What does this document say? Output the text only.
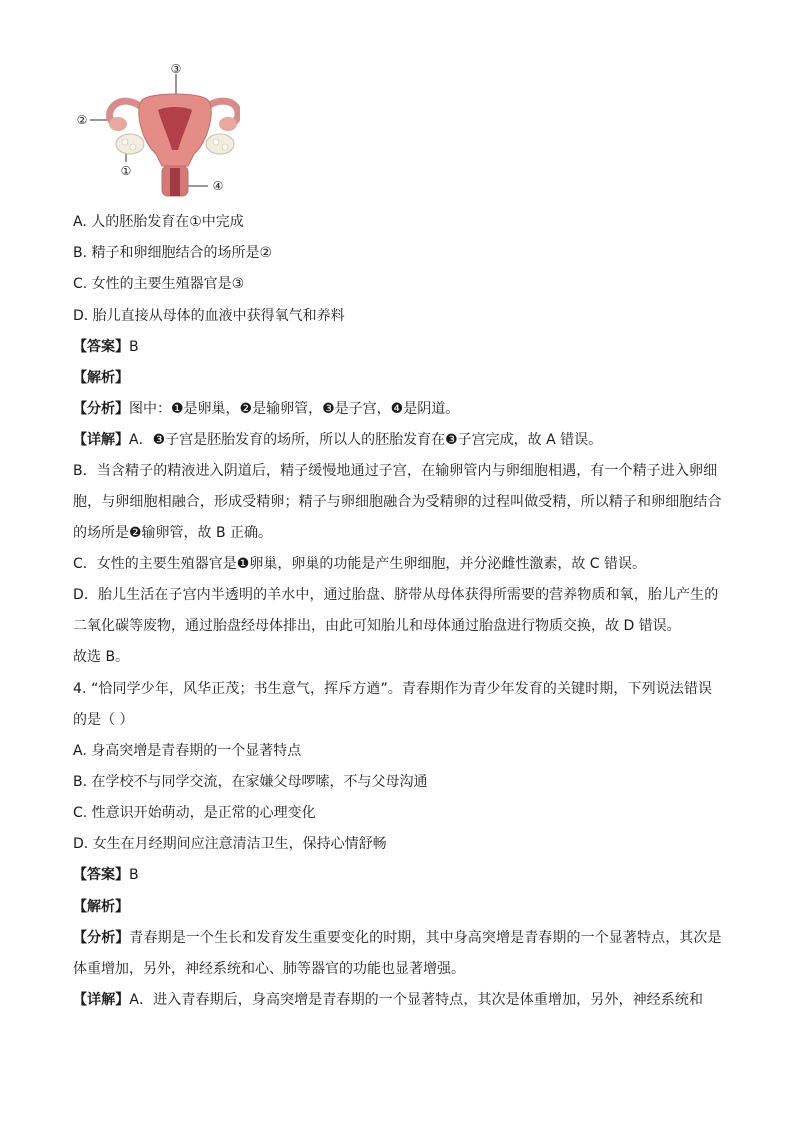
③
②
①
④
A. 人的胚胎发育在①中完成
B. 精子和卵细胞结合的场所是②
C. 女性的主要生殖器官是③
D. 胎儿直接从母体的血液中获得氧气和养料
【答案】B
【解析】
【分析】图中：❶是卵巢，❷是输卵管，❸是子宫，❹是阴道。
【详解】A．❸子宫是胚胎发育的场所，所以人的胚胎发育在❸子宫完成，故 A 错误。
B．当含精子的精液进入阴道后，精子缓慢地通过子宫，在输卵管内与卵细胞相遇，有一个精子进入卵细
胞，与卵细胞相融合，形成受精卵；精子与卵细胞融合为受精卵的过程叫做受精，所以精子和卵细胞结合
的场所是❷输卵管，故 B 正确。
C．女性的主要生殖器官是❶卵巢，卵巢的功能是产生卵细胞，并分泌雌性激素，故 C 错误。
D．胎儿生活在子宫内半透明的羊水中，通过胎盘、脐带从母体获得所需要的营养物质和氧，胎儿产生的
二氧化碳等废物，通过胎盘经母体排出，由此可知胎儿和母体通过胎盘进行物质交换，故 D 错误。
故选 B。
4. “恰同学少年，风华正茂；书生意气，挥斥方遒”。青春期作为青少年发育的关键时期，下列说法错误
的是（ ）
A. 身高突增是青春期的一个显著特点
B. 在学校不与同学交流，在家嫌父母啰嗦，不与父母沟通
C. 性意识开始萌动，是正常的心理变化
D. 女生在月经期间应注意清洁卫生，保持心情舒畅
【答案】B
【解析】
【分析】青春期是一个生长和发育发生重要变化的时期，其中身高突增是青春期的一个显著特点，其次是
体重增加，另外，神经系统和心、肺等器官的功能也显著增强。
【详解】A．进入青春期后，身高突增是青春期的一个显著特点，其次是体重增加，另外，神经系统和
